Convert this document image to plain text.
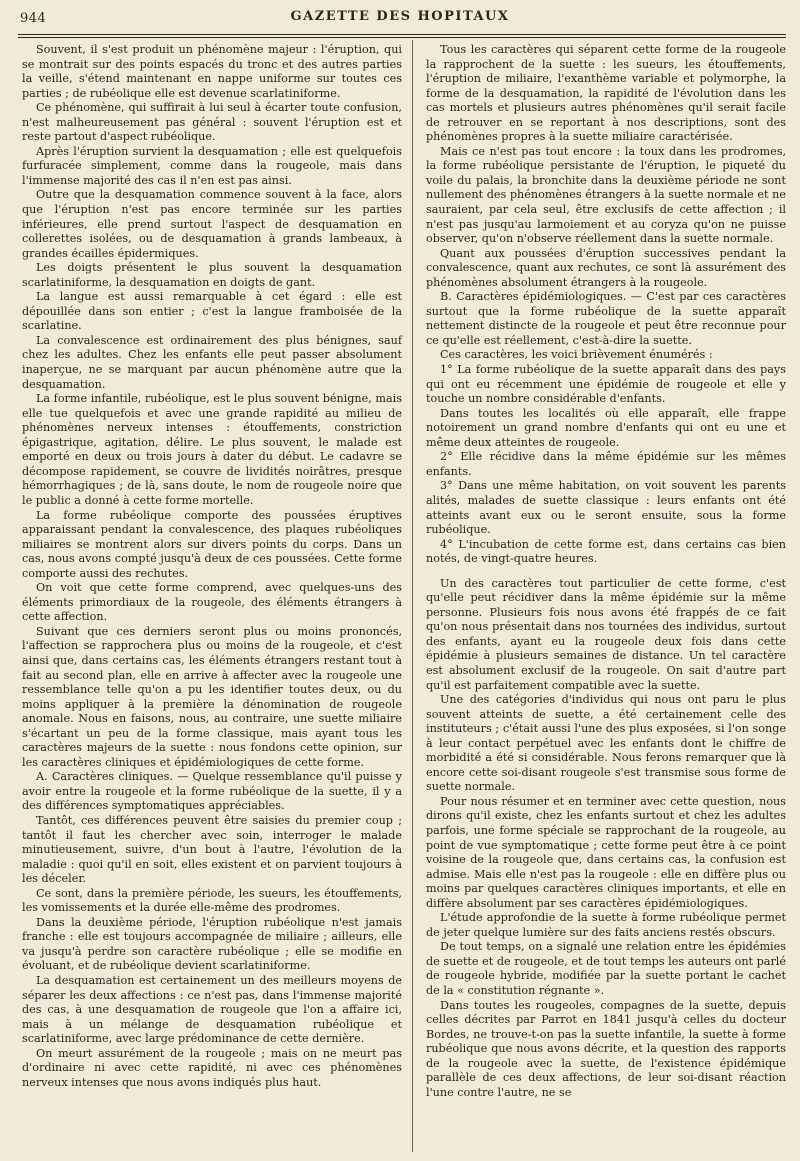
944	GAZETTE DES HOPITAUX

Souvent, il s'est produit un phénomène majeur : l'éruption, qui se montrait sur des points espacés du tronc et des autres parties la veille, s'étend maintenant en nappe uniforme sur toutes ces parties ; de rubéolique elle est devenue scarlatiniforme.

Ce phénomène, qui suffirait à lui seul à écarter toute confusion, n'est malheureusement pas général : souvent l'éruption est et reste partout d'aspect rubéolique.

Après l'éruption survient la desquamation ; elle est quelquefois furfuracée simplement, comme dans la rougeole, mais dans l'immense majorité des cas il n'en est pas ainsi.

Outre que la desquamation commence souvent à la face, alors que l'éruption n'est pas encore terminée sur les parties inférieures, elle prend surtout l'aspect de desquamation en collerettes isolées, ou de desquamation à grands lambeaux, à grandes écailles épidermiques.

Les doigts présentent le plus souvent la desquamation scarlatiniforme, la desquamation en doigts de gant.

La langue est aussi remarquable à cet égard : elle est dépouillée dans son entier ; c'est la langue framboisée de la scarlatine.

La convalescence est ordinairement des plus bénignes, sauf chez les adultes. Chez les enfants elle peut passer absolument inaperçue, ne se marquant par aucun phénomène autre que la desquamation.

La forme infantile, rubéolique, est le plus souvent bénigne, mais elle tue quelquefois et avec une grande rapidité au milieu de phénomènes nerveux intenses : étouffements, constriction épigastrique, agitation, délire. Le plus souvent, le malade est emporté en deux ou trois jours à dater du début. Le cadavre se décompose rapidement, se couvre de lividités noirâtres, presque hémorrhagiques ; de là, sans doute, le nom de rougeole noire que le public a donné à cette forme mortelle.

La forme rubéolique comporte des poussées éruptives apparaissant pendant la convalescence, des plaques rubéoliques miliaires se montrent alors sur divers points du corps. Dans un cas, nous avons compté jusqu'à deux de ces poussées. Cette forme comporte aussi des rechutes.

On voit que cette forme comprend, avec quelques-uns des éléments primordiaux de la rougeole, des éléments étrangers à cette affection.

Suivant que ces derniers seront plus ou moins prononcés, l'affection se rapprochera plus ou moins de la rougeole, et c'est ainsi que, dans certains cas, les éléments étrangers restant tout à fait au second plan, elle en arrive à affecter avec la rougeole une ressemblance telle qu'on a pu les identifier toutes deux, ou du moins appliquer à la première la dénomination de rougeole anomale. Nous en faisons, nous, au contraire, une suette miliaire s'écartant un peu de la forme classique, mais ayant tous les caractères majeurs de la suette : nous fondons cette opinion, sur les caractères cliniques et épidémiologiques de cette forme.

A. Caractères cliniques. — Quelque ressemblance qu'il puisse y avoir entre la rougeole et la forme rubéolique de la suette, il y a des différences symptomatiques appréciables.

Tantôt, ces différences peuvent être saisies du premier coup ; tantôt il faut les chercher avec soin, interroger le malade minutieusement, suivre, d'un bout à l'autre, l'évolution de la maladie : quoi qu'il en soit, elles existent et on parvient toujours à les déceler.

Ce sont, dans la première période, les sueurs, les étouffements, les vomissements et la durée elle-même des prodromes.

Dans la deuxième période, l'éruption rubéolique n'est jamais franche : elle est toujours accompagnée de miliaire ; ailleurs, elle va jusqu'à perdre son caractère rubéolique ; elle se modifie en évoluant, et de rubéolique devient scarlatiniforme.

La desquamation est certainement un des meilleurs moyens de séparer les deux affections : ce n'est pas, dans l'immense majorité des cas, à une desquamation de rougeole que l'on a affaire ici, mais à un mélange de desquamation rubéolique et scarlatiniforme, avec large prédominance de cette dernière.

On meurt assurément de la rougeole ; mais on ne meurt pas d'ordinaire ni avec cette rapidité, ni avec ces phénomènes nerveux intenses que nous avons indiqués plus haut.

Tous les caractères qui séparent cette forme de la rougeole la rapprochent de la suette : les sueurs, les étouffements, l'éruption de miliaire, l'exanthème variable et polymorphe, la forme de la desquamation, la rapidité de l'évolution dans les cas mortels et plusieurs autres phénomènes qu'il serait facile de retrouver en se reportant à nos descriptions, sont des phénomènes propres à la suette miliaire caractérisée.

Mais ce n'est pas tout encore : la toux dans les prodromes, la forme rubéolique persistante de l'éruption, le piqueté du voile du palais, la bronchite dans la deuxième période ne sont nullement des phénomènes étrangers à la suette normale et ne sauraient, par cela seul, être exclusifs de cette affection ; il n'est pas jusqu'au larmoiement et au coryza qu'on ne puisse observer, qu'on n'observe réellement dans la suette normale.

Quant aux poussées d'éruption successives pendant la convalescence, quant aux rechutes, ce sont là assurément des phénomènes absolument étrangers à la rougeole.

B. Caractères épidémiologiques. — C'est par ces caractères surtout que la forme rubéolique de la suette apparaît nettement distincte de la rougeole et peut être reconnue pour ce qu'elle est réellement, c'est-à-dire la suette.

Ces caractères, les voici brièvement énumérés :

1° La forme rubéolique de la suette apparaît dans des pays qui ont eu récemment une épidémie de rougeole et elle y touche un nombre considérable d'enfants.

Dans toutes les localités où elle apparaît, elle frappe notoirement un grand nombre d'enfants qui ont eu une et même deux atteintes de rougeole.

2° Elle récidive dans la même épidémie sur les mêmes enfants.

3° Dans une même habitation, on voit souvent les parents alités, malades de suette classique : leurs enfants ont été atteints avant eux ou le seront ensuite, sous la forme rubéolique.

4° L'incubation de cette forme est, dans certains cas bien notés, de vingt-quatre heures.

Un des caractères tout particulier de cette forme, c'est qu'elle peut récidiver dans la même épidémie sur la même personne. Plusieurs fois nous avons été frappés de ce fait qu'on nous présentait dans nos tournées des individus, surtout des enfants, ayant eu la rougeole deux fois dans cette épidémie à plusieurs semaines de distance. Un tel caractère est absolument exclusif de la rougeole. On sait d'autre part qu'il est parfaitement compatible avec la suette.

Une des catégories d'individus qui nous ont paru le plus souvent atteints de suette, a été certainement celle des instituteurs ; c'était aussi l'une des plus exposées, si l'on songe à leur contact perpétuel avec les enfants dont le chiffre de morbidité a été si considérable. Nous ferons remarquer que là encore cette soi-disant rougeole s'est transmise sous forme de suette normale.

Pour nous résumer et en terminer avec cette question, nous dirons qu'il existe, chez les enfants surtout et chez les adultes parfois, une forme spéciale se rapprochant de la rougeole, au point de vue symptomatique ; cette forme peut être à ce point voisine de la rougeole que, dans certains cas, la confusion est admise. Mais elle n'est pas la rougeole : elle en diffère plus ou moins par quelques caractères cliniques importants, et elle en diffère absolument par ses caractères épidémiologiques.

L'étude approfondie de la suette à forme rubéolique permet de jeter quelque lumière sur des faits anciens restés obscurs.

De tout temps, on a signalé une relation entre les épidémies de suette et de rougeole, et de tout temps les auteurs ont parlé de rougeole hybride, modifiée par la suette portant le cachet de la « constitution régnante ».

Dans toutes les rougeoles, compagnes de la suette, depuis celles décrites par Parrot en 1841 jusqu'à celles du docteur Bordes, ne trouve-t-on pas la suette infantile, la suette à forme rubéolique que nous avons décrite, et la question des rapports de la rougeole avec la suette, de l'existence épidémique parallèle de ces deux affections, de leur soi-disant réaction l'une contre l'autre, ne se
